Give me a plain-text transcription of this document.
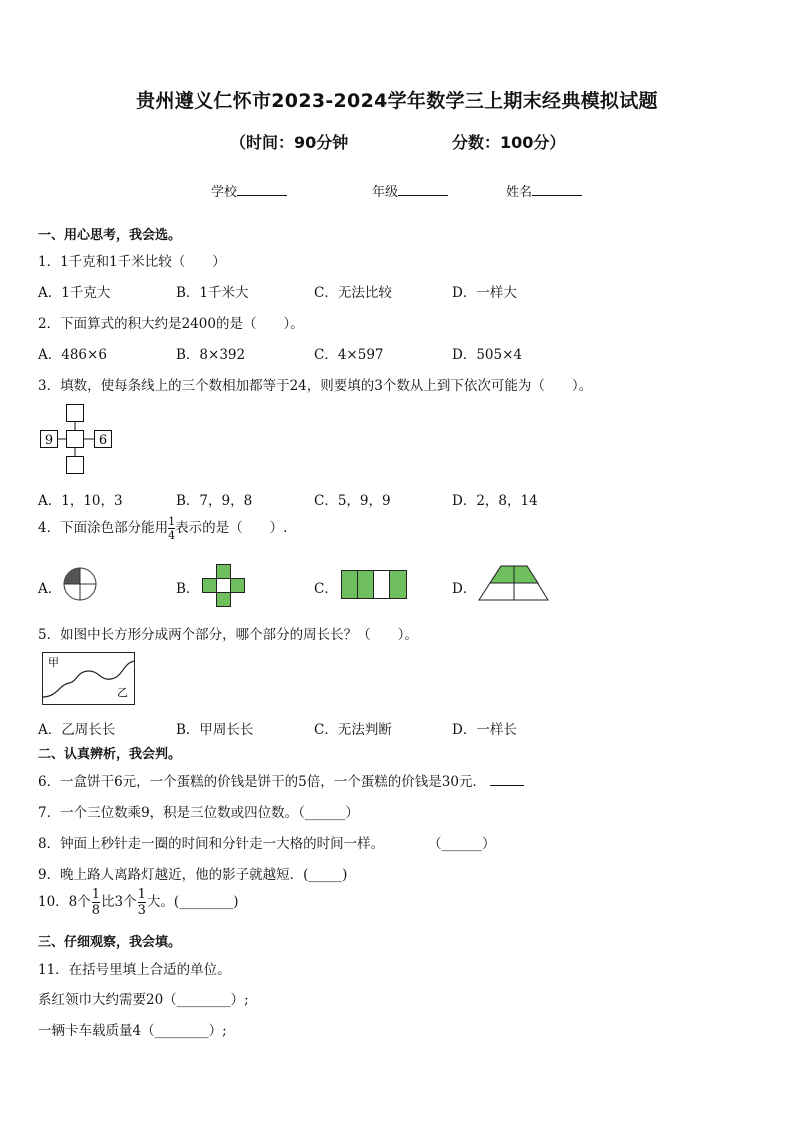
贵州遵义仁怀市2023-2024学年数学三上期末经典模拟试题
（时间：90分钟	分数：100分）
学校	年级	姓名
一、用心思考，我会选。
1．1千克和1千米比较（　　）
A．1千克大	B．1千米大	C．无法比较	D．一样大
2．下面算式的积大约是2400的是（　　）。
A．486×6	B．8×392	C．4×597	D．505×4
3．填数，使每条线上的三个数相加都等于24，则要填的3个数从上到下依次可能为（　　）。
9	6
A．1，10，3	B．7，9，8	C．5，9，9	D．2，8，14
4．下面涂色部分能用 $\frac{1}{4}$ 表示的是（　　）.
A．	B．	C．	D．
5．如图中长方形分成两个部分，哪个部分的周长长？（　　）。
甲
乙
A．乙周长长	B．甲周长长	C．无法判断	D．一样长
二、认真辨析，我会判。
6．一盒饼干6元，一个蛋糕的价钱是饼干的5倍，一个蛋糕的价钱是30元．
7．一个三位数乘9，积是三位数或四位数。（______）
8．钟面上秒针走一圈的时间和分针走一大格的时间一样。	（______）
9．晚上路人离路灯越近，他的影子就越短．(_____)
10．8个 $\frac{1}{8}$ 比3个 $\frac{1}{3}$ 大。(________)
三、仔细观察，我会填。
11．在括号里填上合适的单位。
系红领巾大约需要20（________）;
一辆卡车载质量4（________）;
